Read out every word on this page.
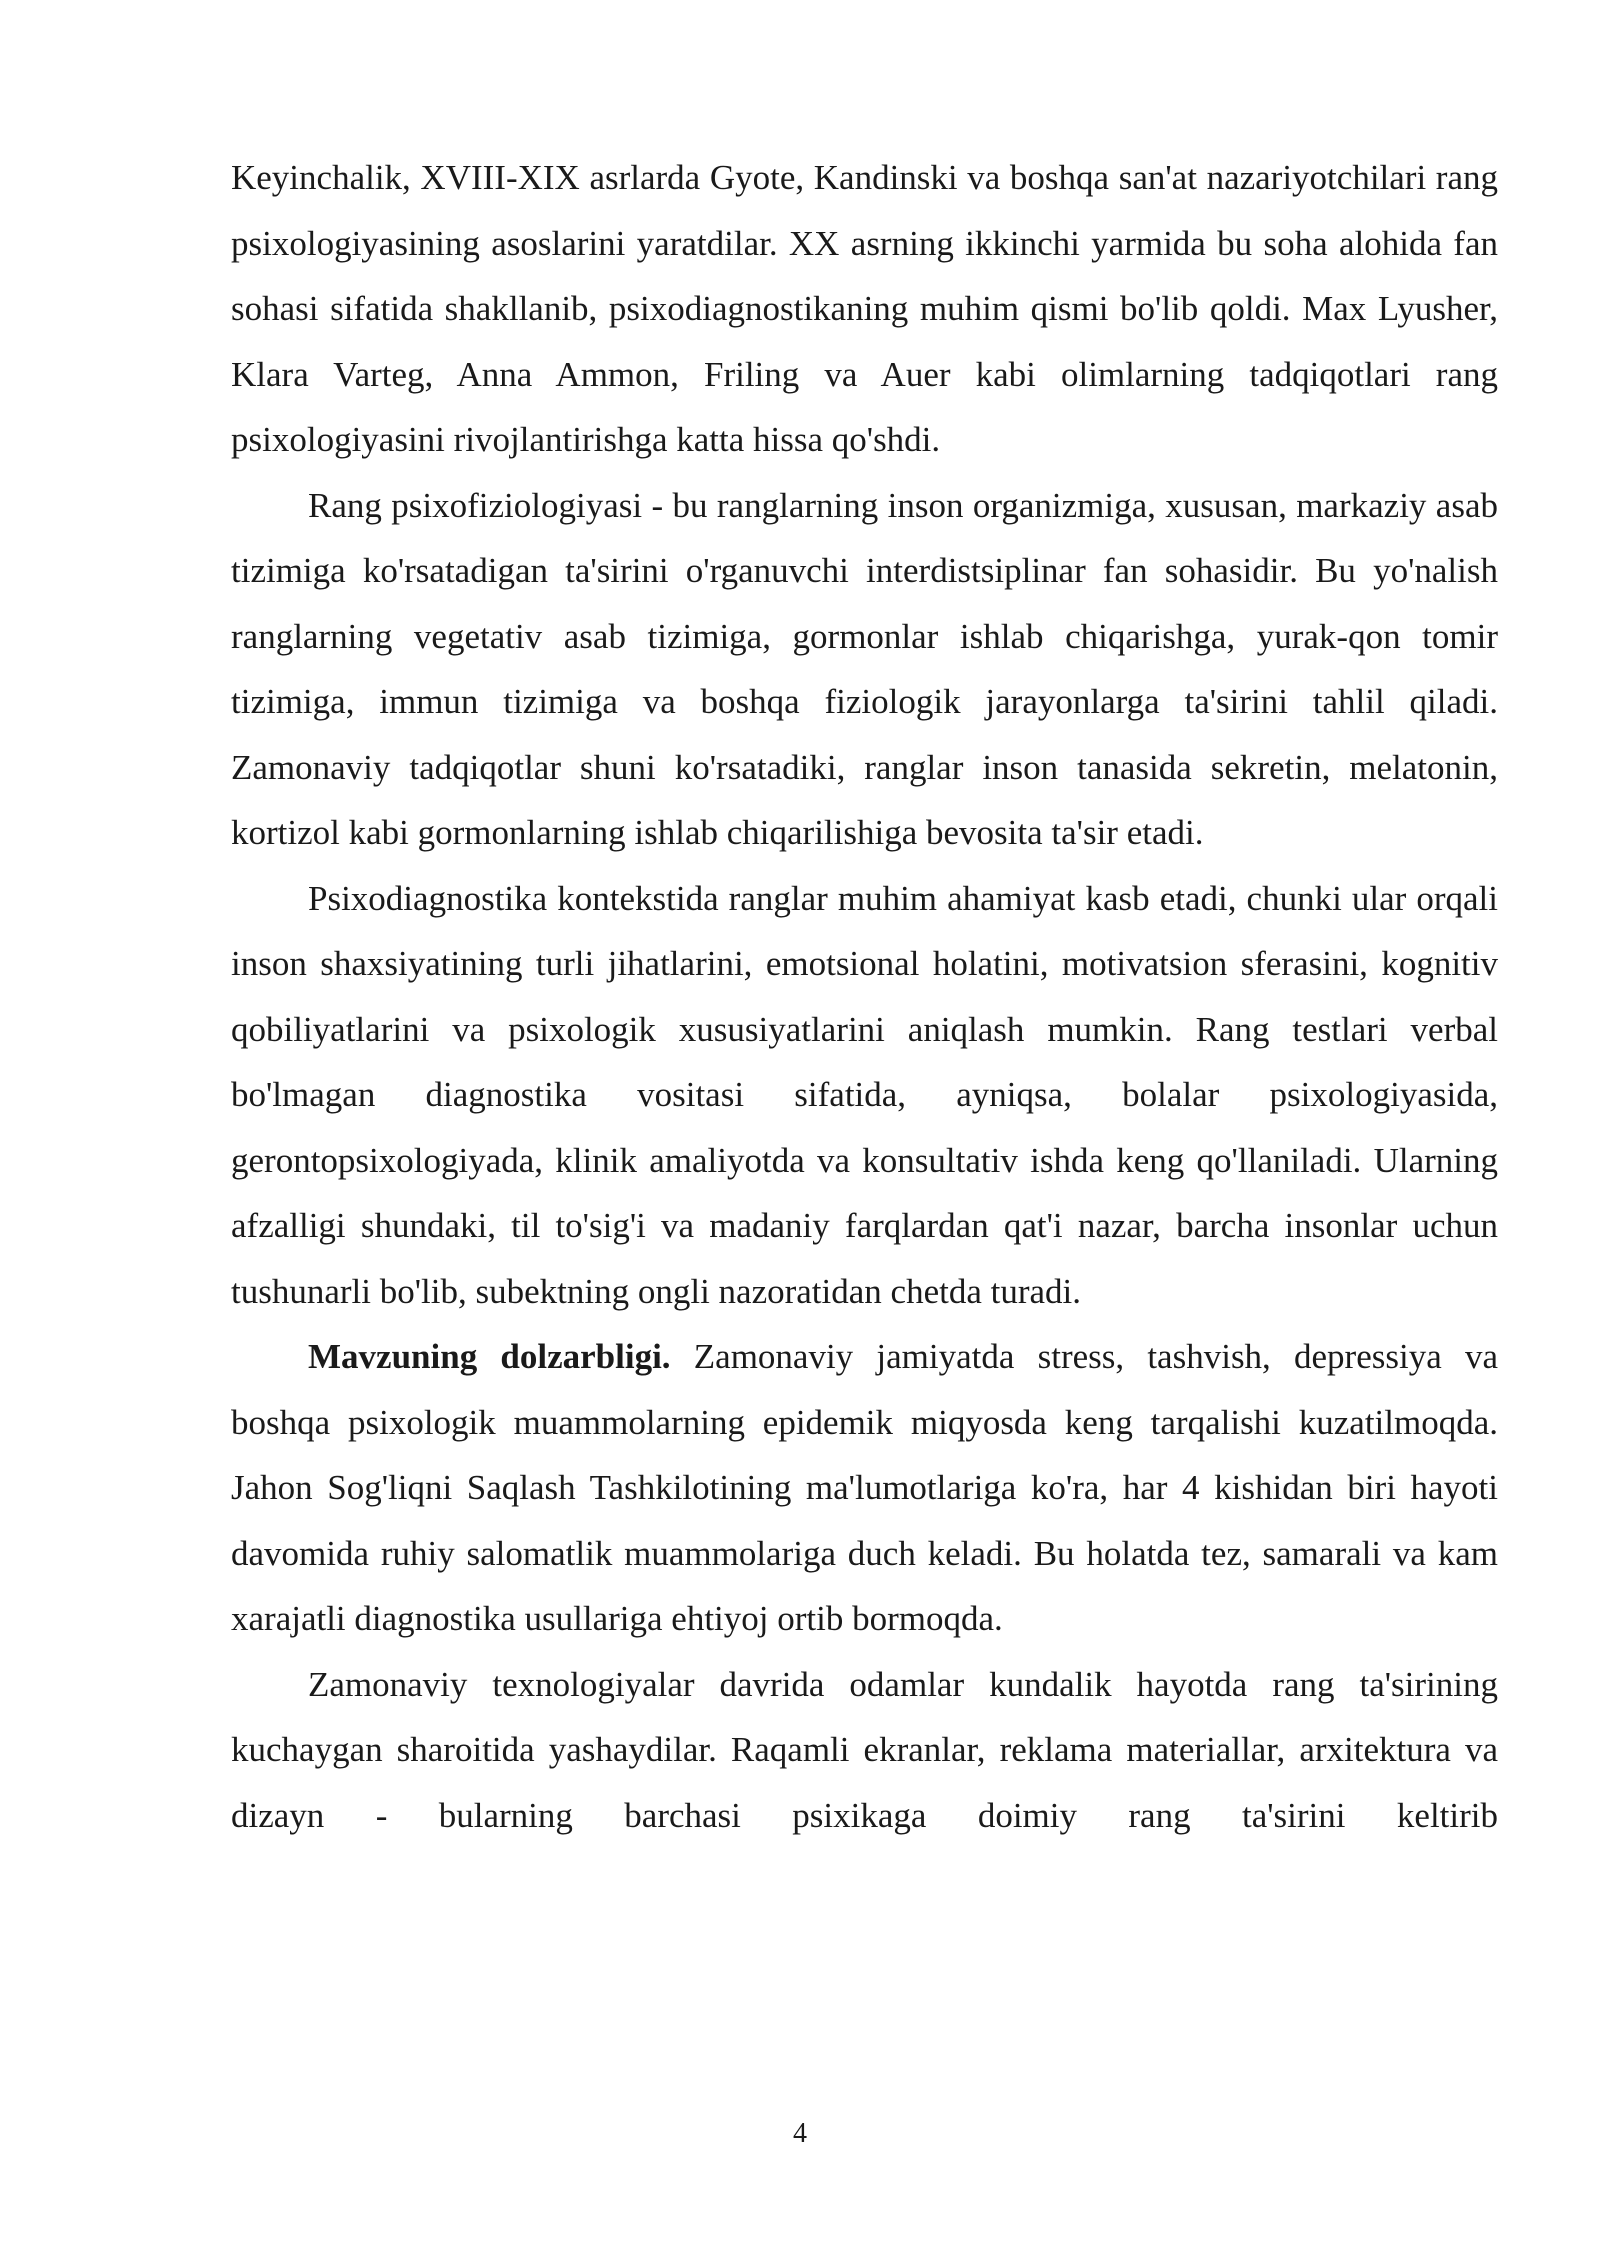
Keyinchalik, XVIII-XIX asrlarda Gyote, Kandinski va boshqa san'at nazariyotchilari rang psixologiyasining asoslarini yaratdilar. XX asrning ikkinchi yarmida bu soha alohida fan sohasi sifatida shakllanib, psixodiagnostikaning muhim qismi bo'lib qoldi. Max Lyusher, Klara Varteg, Anna Ammon, Friling va Auer kabi olimlarning tadqiqotlari rang psixologiyasini rivojlantirishga katta hissa qo'shdi.

Rang psixofiziologiyasi - bu ranglarning inson organizmiga, xususan, markaziy asab tizimiga ko'rsatadigan ta'sirini o'rganuvchi interdistsiplinar fan sohasidir. Bu yo'nalish ranglarning vegetativ asab tizimiga, gormonlar ishlab chiqarishga, yurak-qon tomir tizimiga, immun tizimiga va boshqa fiziologik jarayonlarga ta'sirini tahlil qiladi. Zamonaviy tadqiqotlar shuni ko'rsatadiki, ranglar inson tanasida sekretin, melatonin, kortizol kabi gormonlarning ishlab chiqarilishiga bevosita ta'sir etadi.

Psixodiagnostika kontekstida ranglar muhim ahamiyat kasb etadi, chunki ular orqali inson shaxsiyatining turli jihatlarini, emotsional holatini, motivatsion sferasini, kognitiv qobiliyatlarini va psixologik xususiyatlarini aniqlash mumkin. Rang testlari verbal bo'lmagan diagnostika vositasi sifatida, ayniqsa, bolalar psixologiyasida, gerontopsixologiyada, klinik amaliyotda va konsultativ ishda keng qo'llaniladi. Ularning afzalligi shundaki, til to'sig'i va madaniy farqlardan qat'i nazar, barcha insonlar uchun tushunarli bo'lib, subektning ongli nazoratidan chetda turadi.

Mavzuning dolzarbligi. Zamonaviy jamiyatda stress, tashvish, depressiya va boshqa psixologik muammolarning epidemik miqyosda keng tarqalishi kuzatilmoqda. Jahon Sog'liqni Saqlash Tashkilotining ma'lumotlariga ko'ra, har 4 kishidan biri hayoti davomida ruhiy salomatlik muammolariga duch keladi. Bu holatda tez, samarali va kam xarajatli diagnostika usullariga ehtiyoj ortib bormoqda.

Zamonaviy texnologiyalar davrida odamlar kundalik hayotda rang ta'sirining kuchaygan sharoitida yashaydilar. Raqamli ekranlar, reklama materiallar, arxitektura va dizayn - bularning barchasi psixikaga doimiy rang ta'sirini keltirib

4
